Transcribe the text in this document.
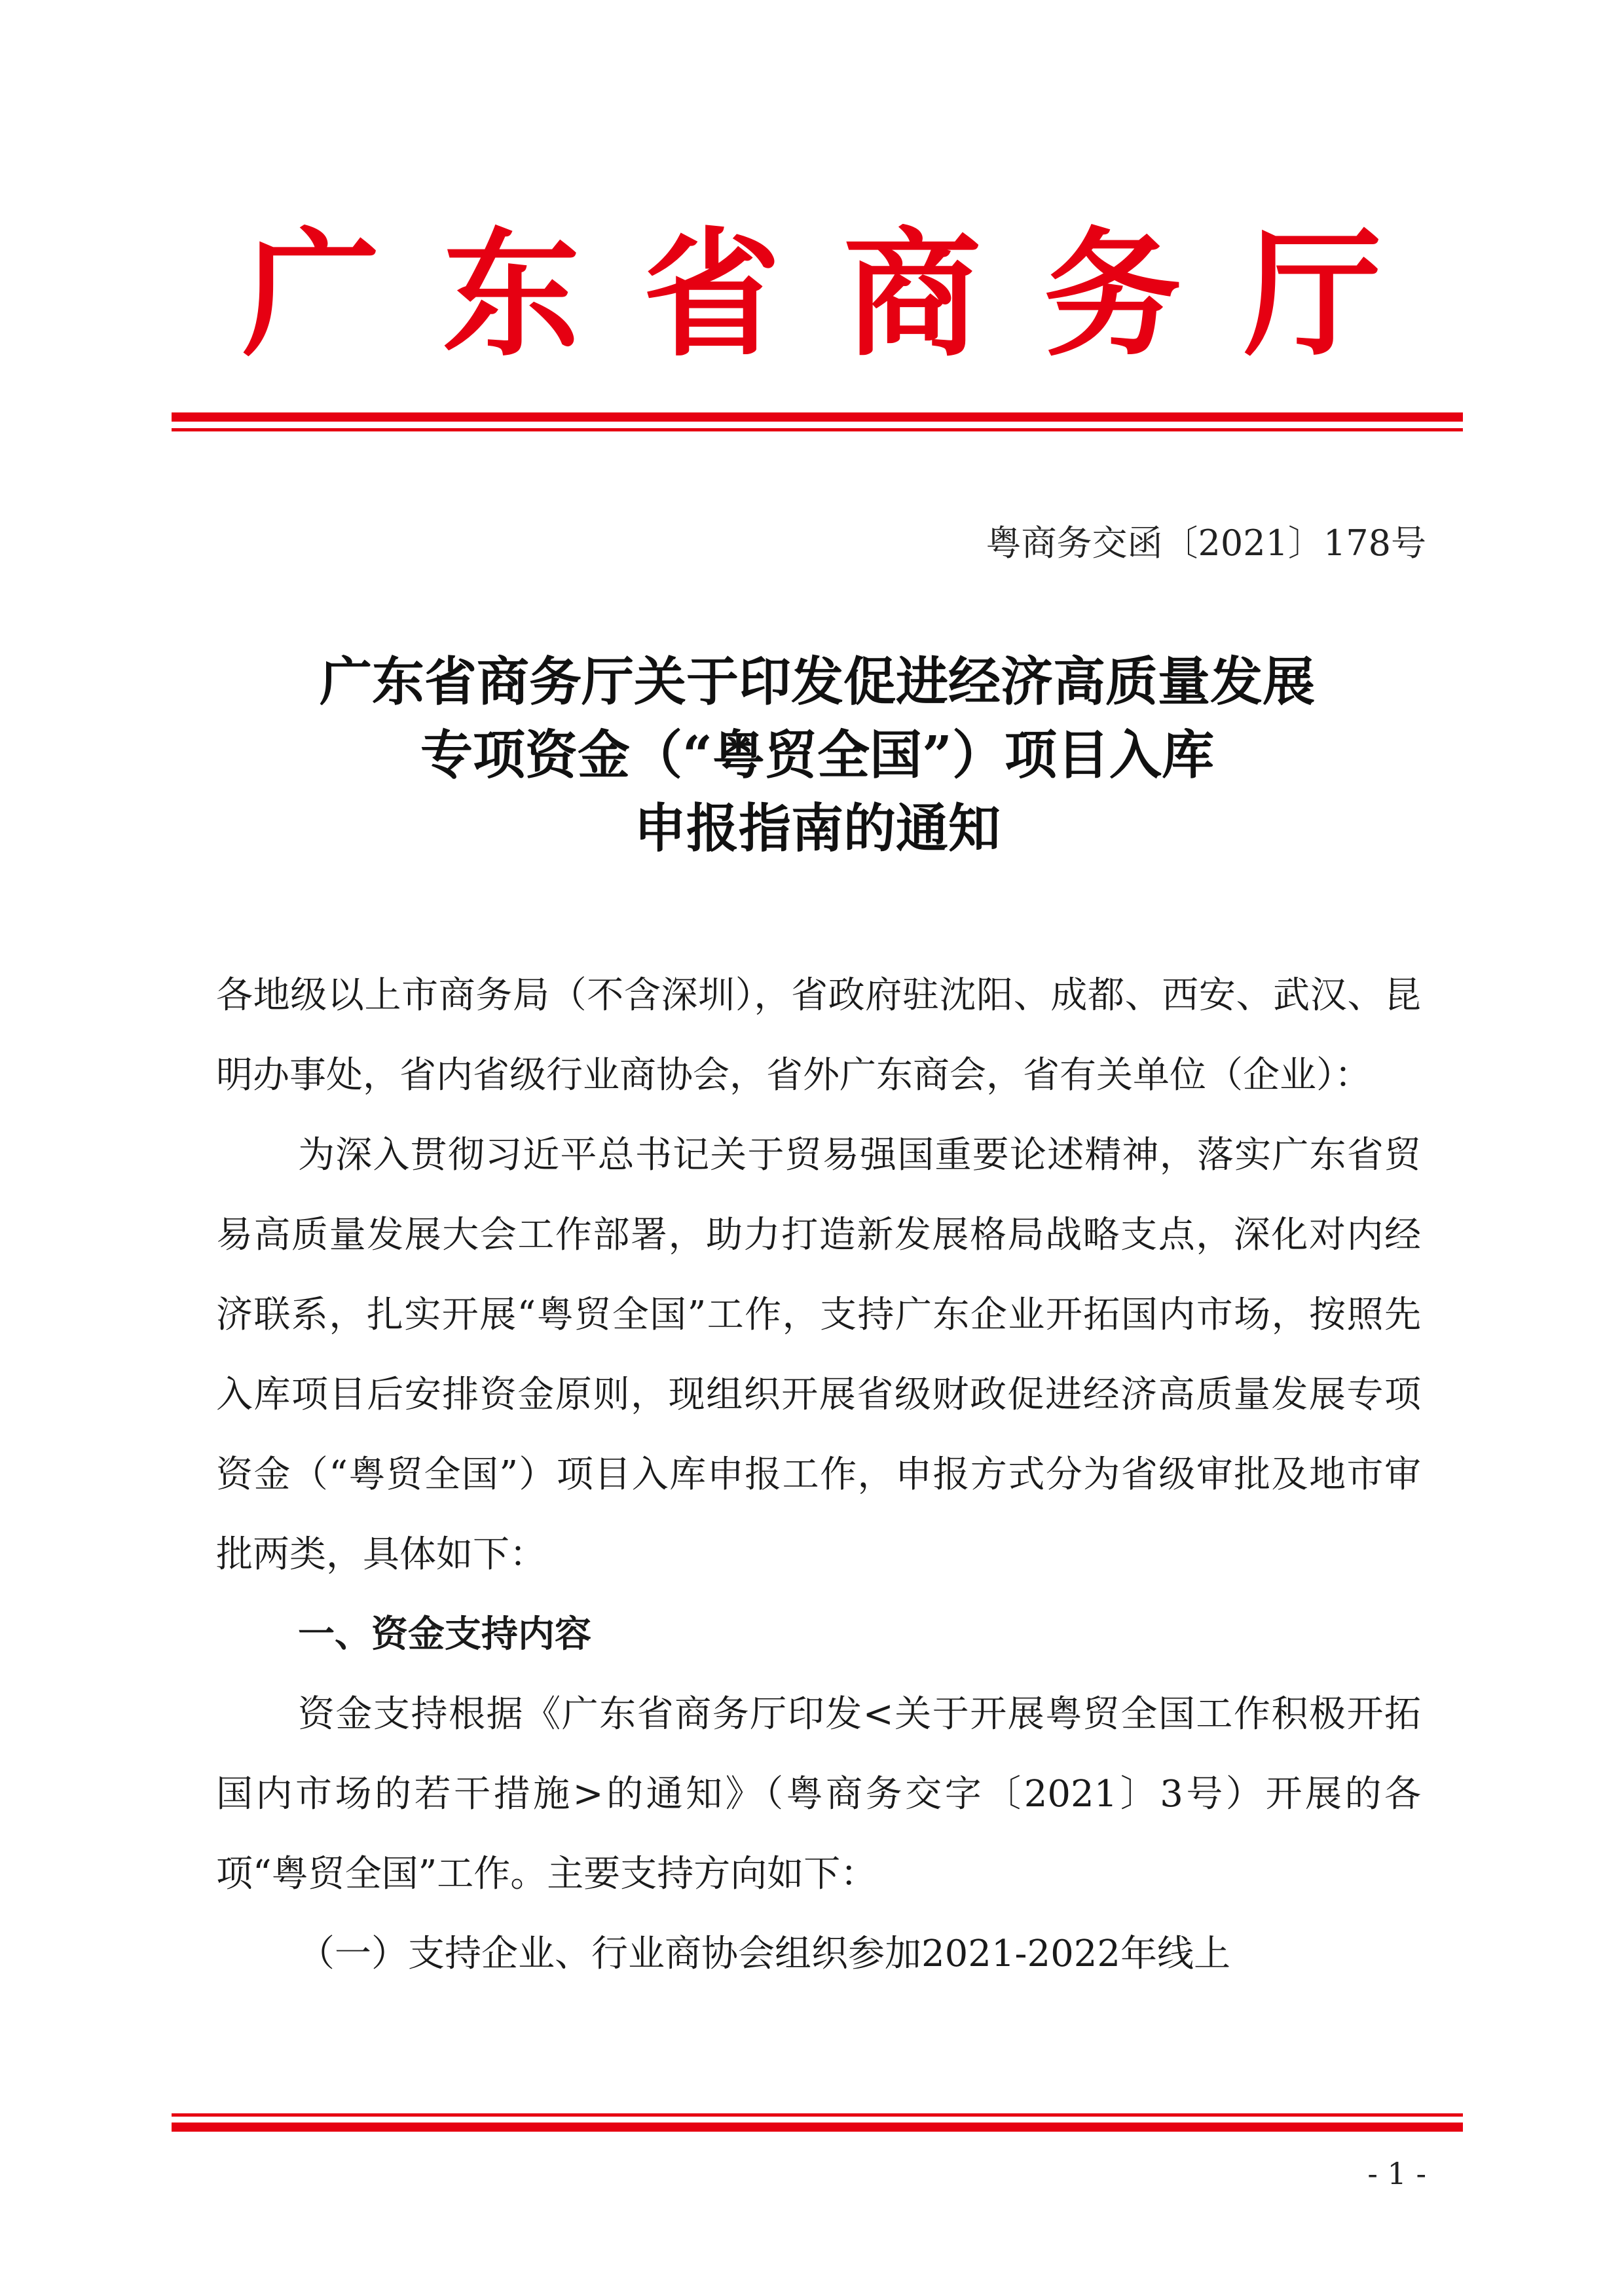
广东省商务厅
粤商务交函〔2021〕178号
广东省商务厅关于印发促进经济高质量发展
专项资金（“粤贸全国”）项目入库
申报指南的通知

各地级以上市商务局（不含深圳），省政府驻沈阳、成都、西安、武汉、昆明办事处，省内省级行业商协会，省外广东商会，省有关单位（企业）：

为深入贯彻习近平总书记关于贸易强国重要论述精神，落实广东省贸易高质量发展大会工作部署，助力打造新发展格局战略支点，深化对内经济联系，扎实开展“粤贸全国”工作，支持广东企业开拓国内市场，按照先入库项目后安排资金原则，现组织开展省级财政促进经济高质量发展专项资金（“粤贸全国”）项目入库申报工作，申报方式分为省级审批及地市审批两类，具体如下：

一、资金支持内容

资金支持根据《广东省商务厅印发<关于开展粤贸全国工作积极开拓国内市场的若干措施>的通知》（粤商务交字〔2021〕3号）开展的各项“粤贸全国”工作。主要支持方向如下：

（一）支持企业、行业商协会组织参加2021-2022年线上

- 1 -
